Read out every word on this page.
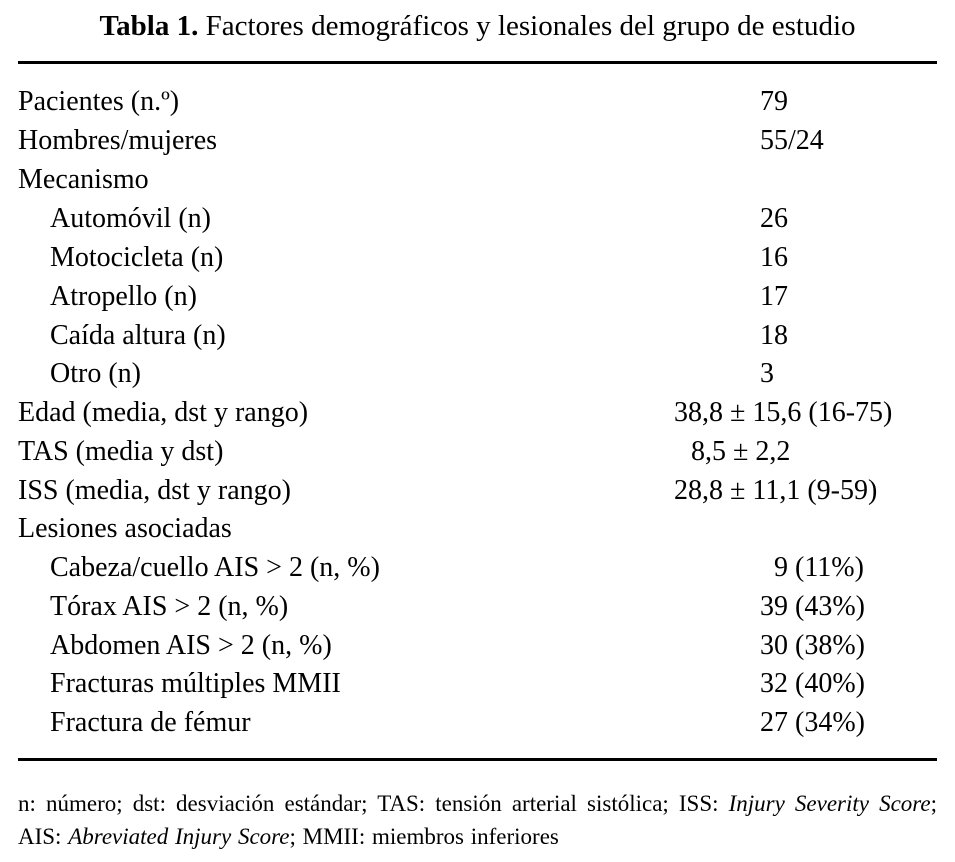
Tabla 1. Factores demográficos y lesionales del grupo de estudio
Pacientes (n.º)	79
Hombres/mujeres	55/24
Mecanismo
Automóvil (n)	26
Motocicleta (n)	16
Atropello (n)	17
Caída altura (n)	18
Otro (n)	3
Edad (media, dst y rango)	38,8 ± 15,6 (16-75)
TAS (media y dst)	8,5 ± 2,2
ISS (media, dst y rango)	28,8 ± 11,1 (9-59)
Lesiones asociadas
Cabeza/cuello AIS > 2 (n, %)	9 (11%)
Tórax AIS > 2 (n, %)	39 (43%)
Abdomen AIS > 2 (n, %)	30 (38%)
Fracturas múltiples MMII	32 (40%)
Fractura de fémur	27 (34%)
n: número; dst: desviación estándar; TAS: tensión arterial sistólica; ISS: Injury Severity Score; AIS: Abreviated Injury Score; MMII: miembros inferiores
